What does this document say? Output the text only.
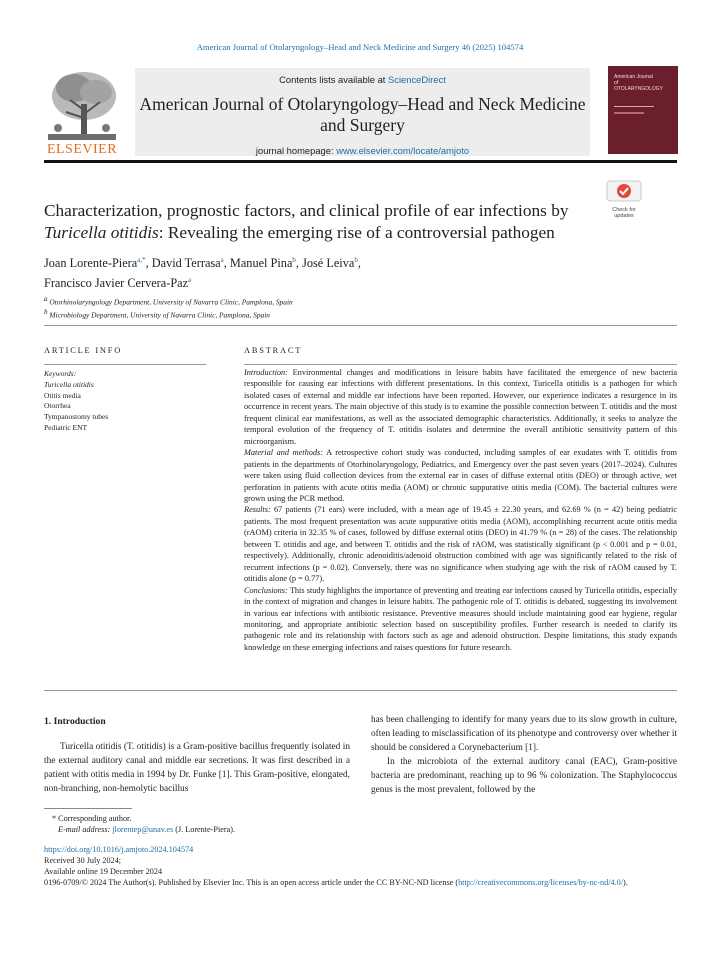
American Journal of Otolaryngology–Head and Neck Medicine and Surgery 46 (2025) 104574
ELSEVIER
Contents lists available at ScienceDirect
American Journal of Otolaryngology–Head and Neck Medicine and Surgery
journal homepage: www.elsevier.com/locate/amjoto
American Journal of OTOLARYNGOLOGY
Check for updates
Characterization, prognostic factors, and clinical profile of ear infections by Turicella otitidis: Revealing the emerging rise of a controversial pathogen
Joan Lorente-Piera$^{a,*}$, David Terrasa$^a$, Manuel Pina$^b$, José Leiva$^b$,
Francisco Javier Cervera-Paz$^a$
$^a$ Otorhinolaryngology Department, University of Navarra Clinic, Pamplona, Spain
$^b$ Microbiology Department, University of Navarra Clinic, Pamplona, Spain
ARTICLE INFO
Keywords:
Turicella otitidis
Otitis media
Otorrhea
Tympanostomy tubes
Pediatric ENT
ABSTRACT

Introduction: Environmental changes and modifications in leisure habits have facilitated the emergence of new bacteria responsible for causing ear infections with different presentations. In this context, Turicella otitidis is a pathogen for which isolated cases of external and middle ear infections have been reported. However, our experience indicates a resurgence in its occurrence in recent years. The main objective of this study is to examine the possible connection between T. otitidis and the most frequent clinical ear manifestations, as well as the associated demographic characteristics. Additionally, it seeks to analyze the temporal evolution of the frequency of T. otitidis isolates and determine the overall antibiotic sensitivity pattern of this microorganism.

Material and methods: A retrospective cohort study was conducted, including samples of ear exudates with T. otitidis from patients in the departments of Otorhinolaryngology, Pediatrics, and Emergency over the past seven years (2017–2024). Cultures were taken using fluid collection devices from the external ear in cases of diffuse external otitis (DEO) or through active, wet perforation in patients with acute otitis media (AOM) or chronic suppurative otitis media (COM). The bacterial cultures were grown using the PCR method.

Results: 67 patients (71 ears) were included, with a mean age of 19.45 ± 22.30 years, and 62.69 % (n = 42) being pediatric patients. The most frequent presentation was acute suppurative otitis media (AOM), accomplishing recurrent acute otitis media (rAOM) criteria in 32.35 % of cases, followed by diffuse external otitis (DEO) in 41.79 % (n = 28) of the cases. The relationship between T. otitidis and age, and between T. otitidis and the risk of rAOM, was statistically significant (p < 0.001 and p = 0.01, respectively). Additionally, chronic adenoiditis/adenoid obstruction combined with age was significantly related to the risk of recurrent infections (p = 0.02). Conversely, there was no significance when studying age with the risk of rAOM caused by T. otitidis alone (p = 0.77).

Conclusions: This study highlights the importance of preventing and treating ear infections caused by Turicella otitidis, especially in the context of migration and changes in leisure habits. The pathogenic role of T. otitidis is debated, suggesting its involvement in various ear infections with antibiotic resistance. Preventive measures should include maintaining good ear hygiene, regular monitoring, and appropriate antibiotic selection based on susceptibility profiles. Further research is needed to clarify its pathogenic role and its relationship with factors such as age and adenoid obstruction. Despite limitations, this study expands knowledge on these emerging infections and raises questions for future research.

1. Introduction
Turicella otitidis (T. otitidis) is a Gram-positive bacillus frequently isolated in the external auditory canal and middle ear secretions. It was first described in a patient with otitis media in 1994 by Dr. Funke [1]. This Gram-positive, elongated, non-branching, non-hemolytic bacillus

has been challenging to identify for many years due to its slow growth in culture, often leading to misclassification of its phenotype and controversy over whether it should be considered a Corynebacterium [1].

In the microbiota of the external auditory canal (EAC), Gram-positive bacteria are predominant, reaching up to 96 % colonization. The Staphylococcus genus is the most prevalent, followed by the

* Corresponding author.
E-mail address: jlorentep@unav.es (J. Lorente-Piera).
https://doi.org/10.1016/j.amjoto.2024.104574
Received 30 July 2024;
Available online 19 December 2024
0196-0709/© 2024 The Author(s). Published by Elsevier Inc. This is an open access article under the CC BY-NC-ND license (http://creativecommons.org/licenses/by-nc-nd/4.0/).
